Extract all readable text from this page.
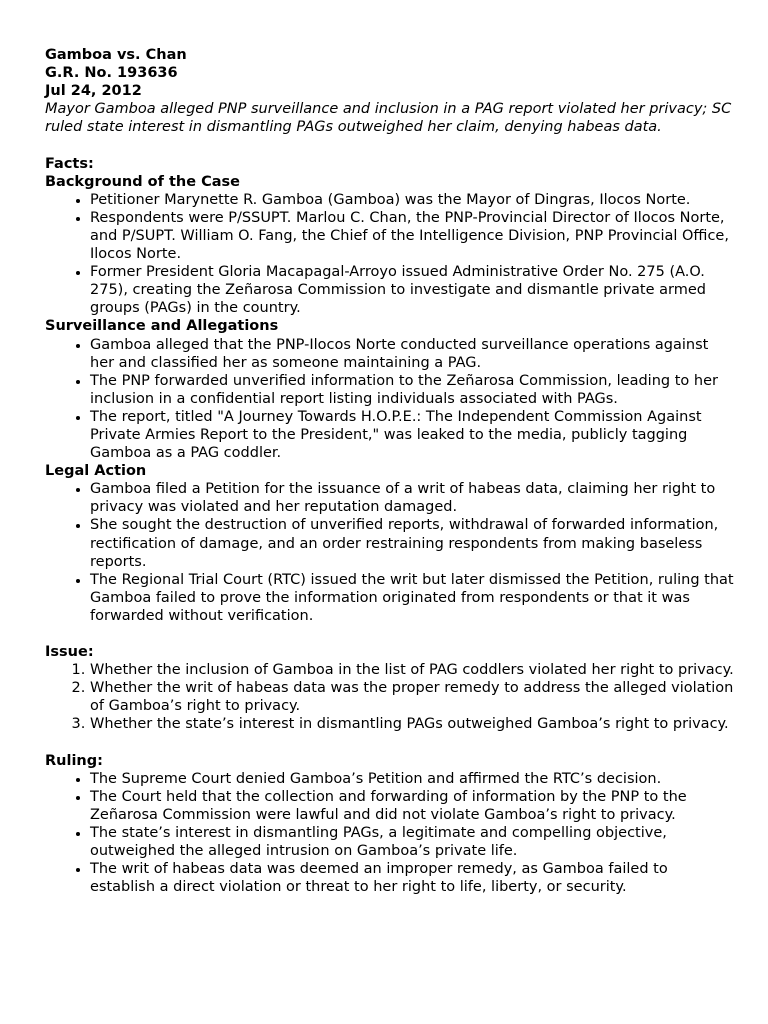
Gamboa vs. Chan
G.R. No. 193636
Jul 24, 2012
Mayor Gamboa alleged PNP surveillance and inclusion in a PAG report violated her privacy; SC ruled state interest in dismantling PAGs outweighed her claim, denying habeas data.
Facts:
Background of the Case
• Petitioner Marynette R. Gamboa (Gamboa) was the Mayor of Dingras, Ilocos Norte.
• Respondents were P/SSUPT. Marlou C. Chan, the PNP-Provincial Director of Ilocos Norte, and P/SUPT. William O. Fang, the Chief of the Intelligence Division, PNP Provincial Office, Ilocos Norte.
• Former President Gloria Macapagal-Arroyo issued Administrative Order No. 275 (A.O. 275), creating the Zeñarosa Commission to investigate and dismantle private armed groups (PAGs) in the country.
Surveillance and Allegations
• Gamboa alleged that the PNP-Ilocos Norte conducted surveillance operations against her and classified her as someone maintaining a PAG.
• The PNP forwarded unverified information to the Zeñarosa Commission, leading to her inclusion in a confidential report listing individuals associated with PAGs.
• The report, titled "A Journey Towards H.O.P.E.: The Independent Commission Against Private Armies Report to the President," was leaked to the media, publicly tagging Gamboa as a PAG coddler.
Legal Action
• Gamboa filed a Petition for the issuance of a writ of habeas data, claiming her right to privacy was violated and her reputation damaged.
• She sought the destruction of unverified reports, withdrawal of forwarded information, rectification of damage, and an order restraining respondents from making baseless reports.
• The Regional Trial Court (RTC) issued the writ but later dismissed the Petition, ruling that Gamboa failed to prove the information originated from respondents or that it was forwarded without verification.
Issue:
1. Whether the inclusion of Gamboa in the list of PAG coddlers violated her right to privacy.
2. Whether the writ of habeas data was the proper remedy to address the alleged violation of Gamboa’s right to privacy.
3. Whether the state’s interest in dismantling PAGs outweighed Gamboa’s right to privacy.
Ruling:
• The Supreme Court denied Gamboa’s Petition and affirmed the RTC’s decision.
• The Court held that the collection and forwarding of information by the PNP to the Zeñarosa Commission were lawful and did not violate Gamboa’s right to privacy.
• The state’s interest in dismantling PAGs, a legitimate and compelling objective, outweighed the alleged intrusion on Gamboa’s private life.
• The writ of habeas data was deemed an improper remedy, as Gamboa failed to establish a direct violation or threat to her right to life, liberty, or security.
